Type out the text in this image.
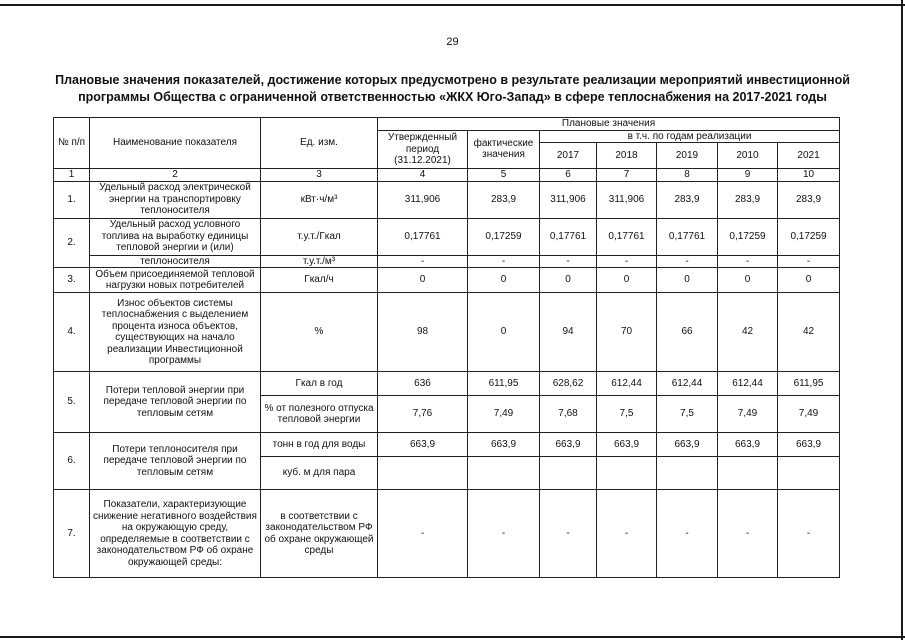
29
Плановые значения показателей, достижение которых предусмотрено в результате реализации мероприятий инвестиционной
программы Общества с ограниченной ответственностью «ЖКХ Юго-Запад» в сфере теплоснабжения на 2017-2021 годы
№ п/п	Наименование показателя	Ед. изм.	Плановые значения						
			Утвержденный период (31.12.2021)	фактические значения	в т.ч. по годам реализации				
					2017	2018	2019	2010	2021
1	2	3	4	5	6	7	8	9	10
1.	Удельный расход электрической энергии на транспортировку теплоносителя	кВт·ч/м³	311,906	283,9	311,906	311,906	283,9	283,9	283,9
2.	Удельный расход условного топлива на выработку единицы тепловой энергии и (или)	т.у.т./Гкал	0,17761	0,17259	0,17761	0,17761	0,17761	0,17259	0,17259
	теплоносителя	т.у.т./м³	-	-	-	-	-	-	-
3.	Объем присоединяемой тепловой нагрузки новых потребителей	Гкал/ч	0	0	0	0	0	0	0
4.	Износ объектов системы теплоснабжения с выделением процента износа объектов, существующих на начало реализации Инвестиционной программы	%	98	0	94	70	66	42	42
5.	Потери тепловой энергии при передаче тепловой энергии по тепловым сетям	Гкал в год	636	611,95	628,62	612,44	612,44	612,44	611,95
		% от полезного отпуска тепловой энергии	7,76	7,49	7,68	7,5	7,5	7,49	7,49
6.	Потери теплоносителя при передаче тепловой энергии по тепловым сетям	тонн в год для воды	663,9	663,9	663,9	663,9	663,9	663,9	663,9
		куб. м для пара							
7.	Показатели, характеризующие снижение негативного воздействия на окружающую среду, определяемые в соответствии с законодательством РФ об охране окружающей среды:	в соответствии с законодательством РФ об охране окружающей среды	-	-	-	-	-	-	-
